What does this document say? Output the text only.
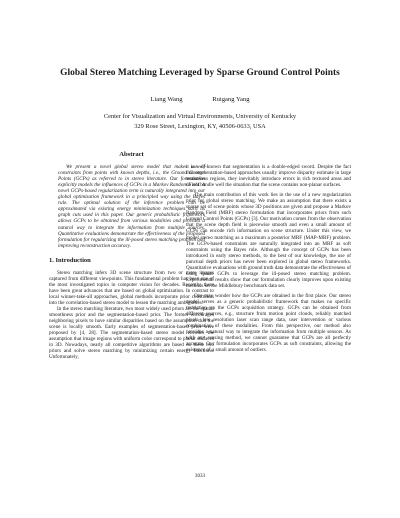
Global Stereo Matching Leveraged by Sparse Ground Control Points
Liang Wang	Ruigang Yang
Center for Visualization and Virtual Environments, University of Kentucky
329 Rose Street, Lexington, KY, 40506-0633, USA
Abstract

We present a novel global stereo model that makes use of constraints from points with known depths, i.e., the Ground Control Points (GCPs) as referred to in stereo literature. Our formulation explicitly models the influences of GCPs in a Markov Random Field. A novel GCPs-based regularization term is naturally integrated into our global optimization framework in a principled way using the Bayes rule. The optimal solution of the inference problem can be approximated via existing energy minimization techniques such as graph cuts used in this paper. Our generic probabilistic framework allows GCPs to be obtained from various modalities and provides a natural way to integrate the information from multiple sources. Quantitative evaluations demonstrate the effectiveness of the proposed formulation for regularizing the ill-posed stereo matching problem and improving reconstruction accuracy.

1. Introduction

Stereo matching infers 3D scene structure from two or more images captured from different viewpoints. This fundamental problem has been one of the most investigated topics in computer vision for decades. Recently, there have been great advances that are based on global optimization. In contrast to local winner-take-all approaches, global methods incorporate prior constraints into the correlation-based stereo model to lessen the matching ambiguities.

In the stereo matching literature, two most widely used priors are the spatial smoothness prior and the segmentation-based prior. The former encourages neighboring pixels to have similar disparities based on the assumption that the scene is locally smooth. Early examples of segmentation-based prior were proposed by [4, 28]. The segmentation-based stereo model encodes the assumption that image regions with uniform color correspond to planar surfaces in 3D. Nowadays, nearly all competitive algorithms are based on these two priors and solve stereo matching by minimizing certain energy functions. Unfortunately,

it is well-known that segmentation is a double-edged sword. Despite the fact that segmentation-based approaches usually improve disparity estimate in large textureless regions, they inevitably introduce errors in rich textured areas and do not handle well the situation that the scene contains non-planar surfaces.

The main contribution of this work lies in the use of a new regularization prior for global stereo matching. We make an assumption that there exists a sparse set of scene points whose 3D positions are given and propose a Markov Random Field (MRF) stereo formulation that incorporates priors from such Ground Control Points (GCPs) [3]. Our motivation comes from the observation that the scene depth field is piecewise smooth and even a small amount of GCPs can encode rich information on scene structure. Under this view, we model stereo matching as a maximum a posterior MRF (MAP-MRF) problem. The GCPs-based constraints are naturally integrated into an MRF as soft constraints using the Bayes rule. Although the concept of GCPs has been introduced in early stereo methods, to the best of our knowledge, the use of punctual depth priors has never been explored in global stereo frameworks. Quantitative evaluations with ground truth data demonstrate the effectiveness of using sparse GCPs to leverage the ill-posed stereo matching problem. Experimental results show that our formulation clearly improves upon existing methods on the Middlebury benchmark data set.

One may wonder how the GCPs are obtained in the first place. Our stereo model serves as a generic probabilistic framework that makes no specific restriction on the GCPs acquisition strategy. GCPs can be obtained from different sources, e.g., structure from motion point clouds, reliably matched pixels, low resolution laser scan range data, user intervention or various combination of these modalities. From this perspective, our method also provides a natural way to integrate the information from multiple sensors. As with any sensing method, we cannot guarantee that GCPs are all perfectly accurate. Our formulation incorporates GCPs as soft constraints, allowing the existence of a small amount of outliers.

3033
